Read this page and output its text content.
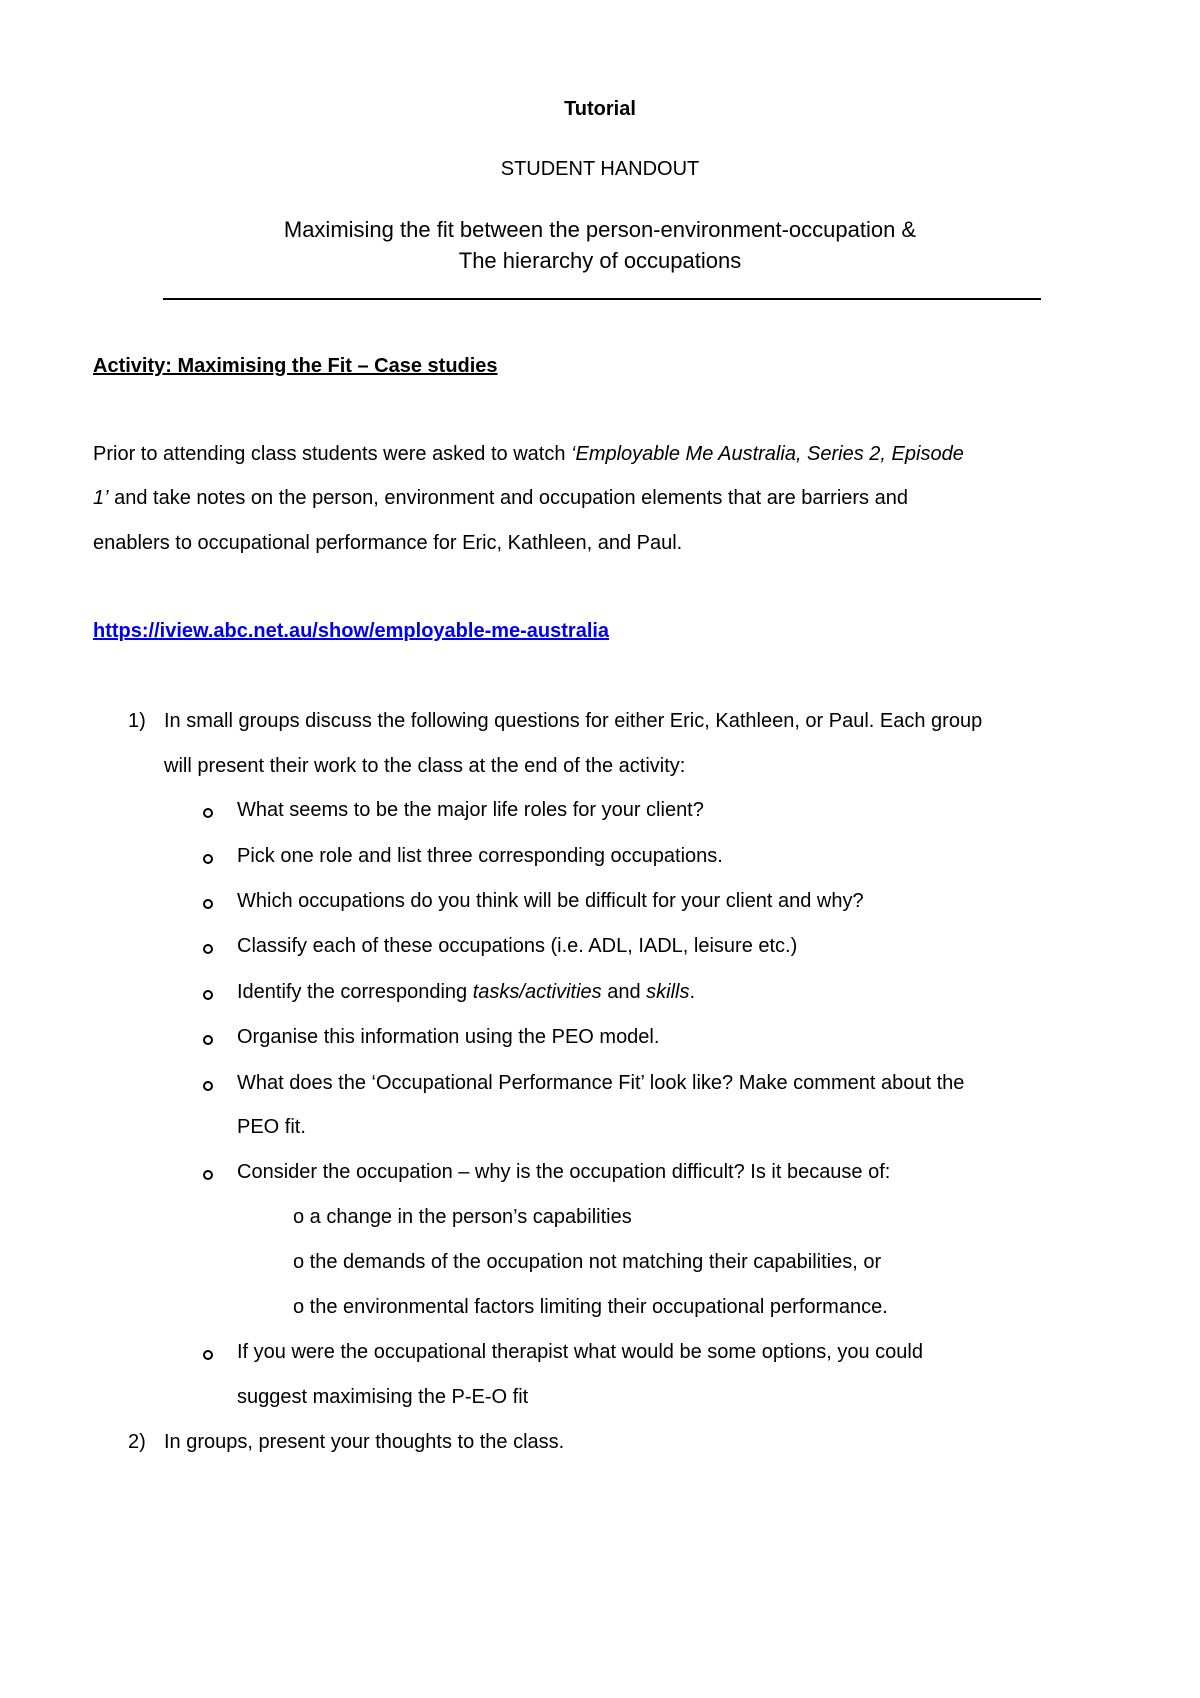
Tutorial
STUDENT HANDOUT
Maximising the fit between the person-environment-occupation &
The hierarchy of occupations
Activity: Maximising the Fit – Case studies
Prior to attending class students were asked to watch ‘Employable Me Australia, Series 2, Episode
1’ and take notes on the person, environment and occupation elements that are barriers and
enablers to occupational performance for Eric, Kathleen, and Paul.
https://iview.abc.net.au/show/employable-me-australia
1) In small groups discuss the following questions for either Eric, Kathleen, or Paul. Each group
will present their work to the class at the end of the activity:
What seems to be the major life roles for your client?
Pick one role and list three corresponding occupations.
Which occupations do you think will be difficult for your client and why?
Classify each of these occupations (i.e. ADL, IADL, leisure etc.)
Identify the corresponding tasks/activities and skills.
Organise this information using the PEO model.
What does the ‘Occupational Performance Fit’ look like? Make comment about the
PEO fit.
Consider the occupation – why is the occupation difficult? Is it because of:
o a change in the person’s capabilities
o the demands of the occupation not matching their capabilities, or
o the environmental factors limiting their occupational performance.
If you were the occupational therapist what would be some options, you could
suggest maximising the P-E-O fit
2) In groups, present your thoughts to the class.
